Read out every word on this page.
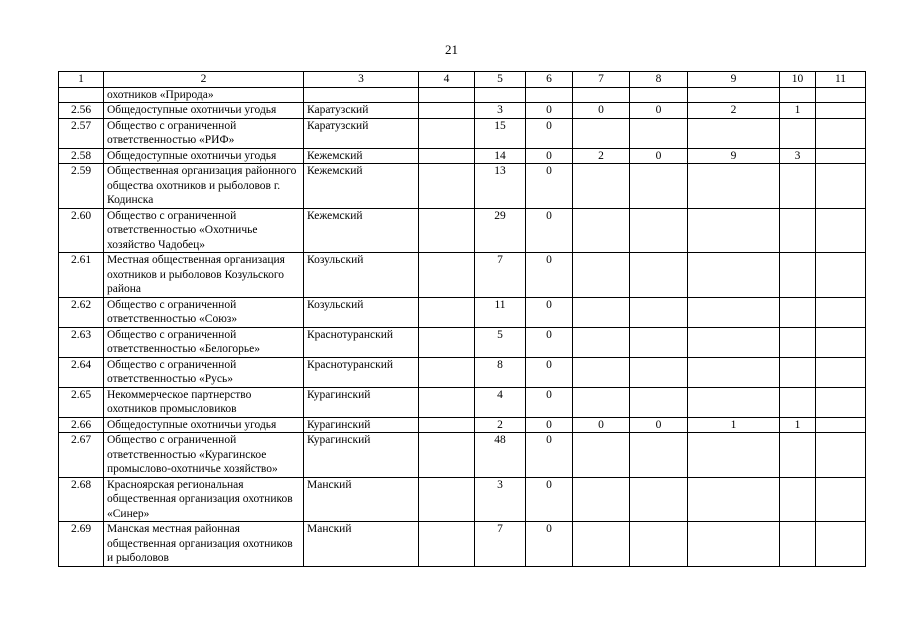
21
1	2	3	4	5	6	7	8	9	10	11
	охотников «Природа»									
2.56	Общедоступные охотничьи угодья	Каратузский		3	0	0	0	2	1	
2.57	Общество с ограниченной ответственностью «РИФ»	Каратузский		15	0					
2.58	Общедоступные охотничьи угодья	Кежемский		14	0	2	0	9	3	
2.59	Общественная организация районного общества охотников и рыболовов г. Кодинска	Кежемский		13	0					
2.60	Общество с ограниченной ответственностью «Охотничье хозяйство Чадобец»	Кежемский		29	0					
2.61	Местная общественная организация охотников и рыболовов Козульского района	Козульский		7	0					
2.62	Общество с ограниченной ответственностью «Союз»	Козульский		11	0					
2.63	Общество с ограниченной ответственностью «Белогорье»	Краснотуранский		5	0					
2.64	Общество с ограниченной ответственностью «Русь»	Краснотуранский		8	0					
2.65	Некоммерческое партнерство охотников промысловиков	Курагинский		4	0					
2.66	Общедоступные охотничьи угодья	Курагинский		2	0	0	0	1	1	
2.67	Общество с ограниченной ответственностью «Курагинское промыслово-охотничье хозяйство»	Курагинский		48	0					
2.68	Красноярская региональная общественная организация охотников «Синер»	Манский		3	0					
2.69	Манская местная районная общественная организация охотников и рыболовов	Манский		7	0					
